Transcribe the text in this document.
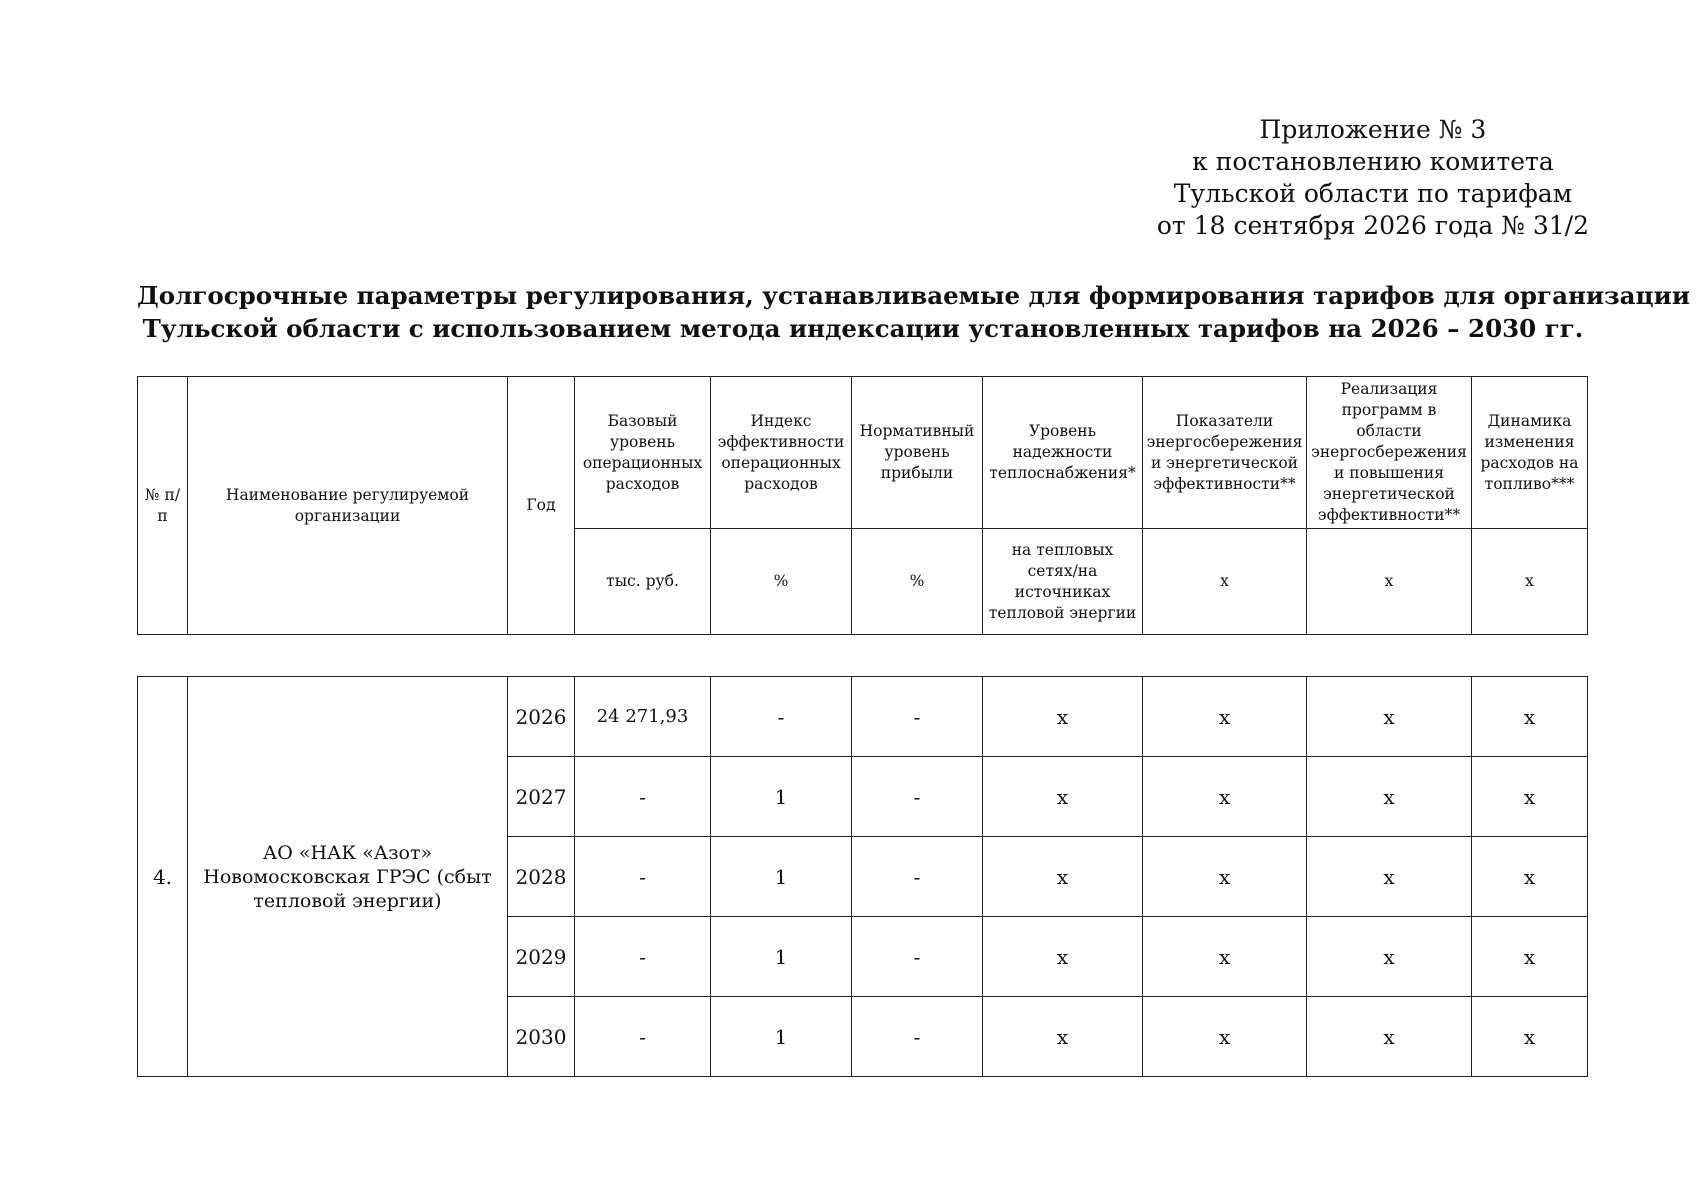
Приложение № 3
к постановлению комитета
Тульской области по тарифам
от 18 сентября 2026 года № 31/2
Долгосрочные параметры регулирования, устанавливаемые для формирования тарифов для организации
Тульской области с использованием метода индексации установленных тарифов на 2026 – 2030 гг.
№ п/п	Наименование регулируемой организации	Год	Базовый уровень операционных расходов	Индекс эффективности операционных расходов	Нормативный уровень прибыли	Уровень надежности теплоснабжения*	Показатели энергосбережения и энергетической эффективности**	Реализация программ в области энергосбережения и повышения энергетической эффективности**	Динамика изменения расходов на топливо***
			тыс. руб.	%	%	на тепловых сетях/на источниках тепловой энергии	х	х	х
4.	АО «НАК «Азот» Новомосковская ГРЭС (сбыт тепловой энергии)	2026	24 271,93	-	-	х	х	х	х
		2027	-	1	-	х	х	х	х
		2028	-	1	-	х	х	х	х
		2029	-	1	-	х	х	х	х
		2030	-	1	-	х	х	х	х
